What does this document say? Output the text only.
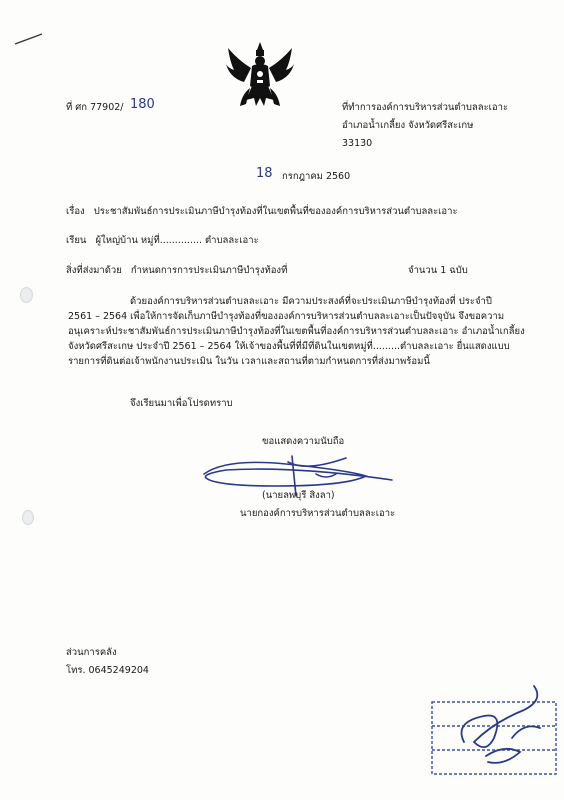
ที่ ศก 77902/ 180	ที่ทำการองค์การบริหารส่วนตำบลละเอาะ
อำเภอน้ำเกลี้ยง จังหวัดศรีสะเกษ
33130
18 กรกฎาคม 2560
เรื่อง ประชาสัมพันธ์การประเมินภาษีบำรุงท้องที่ในเขตพื้นที่ขององค์การบริหารส่วนตำบลละเอาะ
เรียน ผู้ใหญ่บ้าน หมู่ที่.............. ตำบลละเอาะ
สิ่งที่ส่งมาด้วย กำหนดการการประเมินภาษีบำรุงท้องที่	จำนวน 1 ฉบับ
ด้วยองค์การบริหารส่วนตำบลละเอาะ มีความประสงค์ที่จะประเมินภาษีบำรุงท้องที่ ประจำปี
2561 – 2564 เพื่อให้การจัดเก็บภาษีบำรุงท้องที่ขององค์การบริหารส่วนตำบลละเอาะเป็นปัจจุบัน จึงขอความ
อนุเคราะห์ประชาสัมพันธ์การประเมินภาษีบำรุงท้องที่ในเขตพื้นที่องค์การบริหารส่วนตำบลละเอาะ อำเภอน้ำเกลี้ยง
จังหวัดศรีสะเกษ ประจำปี 2561 – 2564 ให้เจ้าของพื้นที่ที่มีที่ดินในเขตหมู่ที่.........ตำบลละเอาะ ยื่นแสดงแบบ
รายการที่ดินต่อเจ้าพนักงานประเมิน ในวัน เวลาและสถานที่ตามกำหนดการที่ส่งมาพร้อมนี้
จึงเรียนมาเพื่อโปรดทราบ
ขอแสดงความนับถือ
(นายลพบุรี สิงลา)
นายกองค์การบริหารส่วนตำบลละเอาะ
ส่วนการคลัง
โทร. 0645249204
